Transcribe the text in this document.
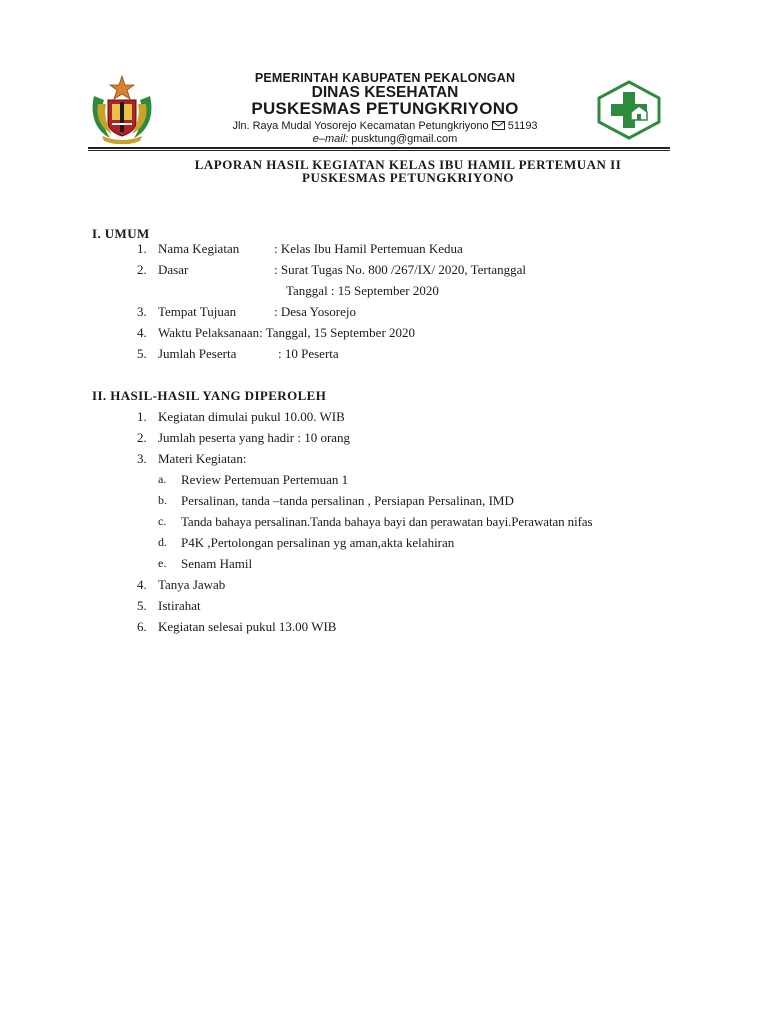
PEMERINTAH KABUPATEN PEKALONGAN
DINAS KESEHATAN
PUSKESMAS PETUNGKRIYONO
Jln. Raya Mudal Yosorejo Kecamatan Petungkriyono 51193
e–mail: pusktung@gmail.com
LAPORAN HASIL KEGIATAN KELAS IBU HAMIL PERTEMUAN II
PUSKESMAS PETUNGKRIYONO
I. UMUM
1. Nama Kegiatan	: Kelas Ibu Hamil Pertemuan Kedua
2. Dasar	: Surat Tugas No. 800 /267/IX/ 2020, Tertanggal
Tanggal : 15 September 2020
3. Tempat Tujuan	: Desa Yosorejo
4. Waktu Pelaksanaan: Tanggal, 15 September 2020
5. Jumlah Peserta	: 10 Peserta
II. HASIL-HASIL YANG DIPEROLEH
1. Kegiatan dimulai pukul 10.00. WIB
2. Jumlah peserta yang hadir : 10 orang
3. Materi Kegiatan:
a. Review Pertemuan Pertemuan 1
b. Persalinan, tanda –tanda persalinan , Persiapan Persalinan, IMD
c. Tanda bahaya persalinan.Tanda bahaya bayi dan perawatan bayi.Perawatan nifas
d. P4K ,Pertolongan persalinan yg aman,akta kelahiran
e. Senam Hamil
4. Tanya Jawab
5. Istirahat
6. Kegiatan selesai pukul 13.00 WIB
